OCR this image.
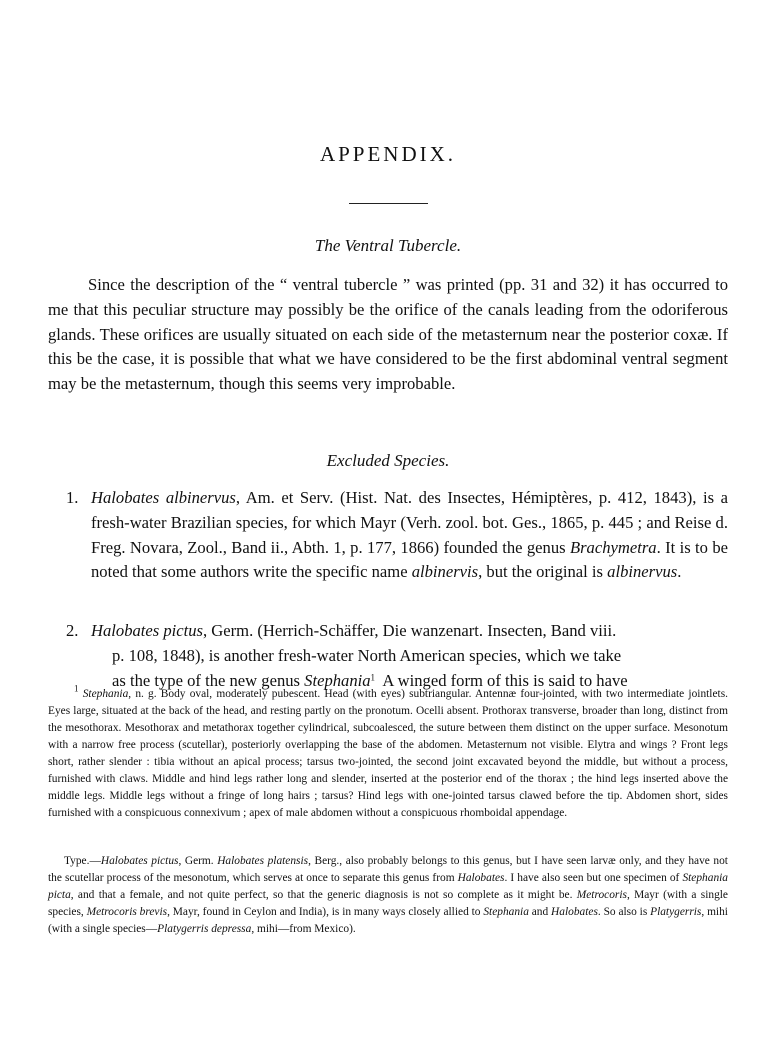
APPENDIX.
The Ventral Tubercle.
Since the description of the “ ventral tubercle ” was printed (pp. 31 and 32) it has occurred to me that this peculiar structure may possibly be the orifice of the canals leading from the odoriferous glands. These orifices are usually situated on each side of the metasternum near the posterior coxæ. If this be the case, it is possible that what we have considered to be the first abdominal ventral segment may be the metasternum, though this seems very improbable.
Excluded Species.
1. Halobates albinervus, Am. et Serv. (Hist. Nat. des Insectes, Hémiptères, p. 412, 1843), is a fresh-water Brazilian species, for which Mayr (Verh. zool. bot. Ges., 1865, p. 445 ; and Reise d. Freg. Novara, Zool., Band ii., Abth. 1, p. 177, 1866) founded the genus Brachymetra. It is to be noted that some authors write the specific name albinervis, but the original is albinervus.
2. Halobates pictus, Germ. (Herrich-Schäffer, Die wanzenart. Insecten, Band viii.
p. 108, 1848), is another fresh-water North American species, which we take
as the type of the new genus Stephania$^1$  A winged form of this is said to have
$^1$ Stephania, n. g. Body oval, moderately pubescent. Head (with eyes) subtriangular. Antennæ four-jointed, with two intermediate jointlets. Eyes large, situated at the back of the head, and resting partly on the pronotum. Ocelli absent. Prothorax transverse, broader than long, distinct from the mesothorax. Mesothorax and metathorax together cylindrical, subcoalesced, the suture between them distinct on the upper surface. Mesonotum with a narrow free process (scutellar), posteriorly overlapping the base of the abdomen. Metasternum not visible. Elytra and wings ? Front legs short, rather slender : tibia without an apical process; tarsus two-jointed, the second joint excavated beyond the middle, but without a process, furnished with claws. Middle and hind legs rather long and slender, inserted at the posterior end of the thorax ; the hind legs inserted above the middle legs. Middle legs without a fringe of long hairs ; tarsus? Hind legs with one-jointed tarsus clawed before the tip. Abdomen short, sides furnished with a conspicuous connexivum ; apex of male abdomen without a conspicuous rhomboidal appendage.
Type.—Halobates pictus, Germ. Halobates platensis, Berg., also probably belongs to this genus, but I have seen larvæ only, and they have not the scutellar process of the mesonotum, which serves at once to separate this genus from Halobates. I have also seen but one specimen of Stephania picta, and that a female, and not quite perfect, so that the generic diagnosis is not so complete as it might be. Metrocoris, Mayr (with a single species, Metrocoris brevis, Mayr, found in Ceylon and India), is in many ways closely allied to Stephania and Halobates. So also is Platygerris, mihi (with a single species—Platygerris depressa, mihi—from Mexico).
